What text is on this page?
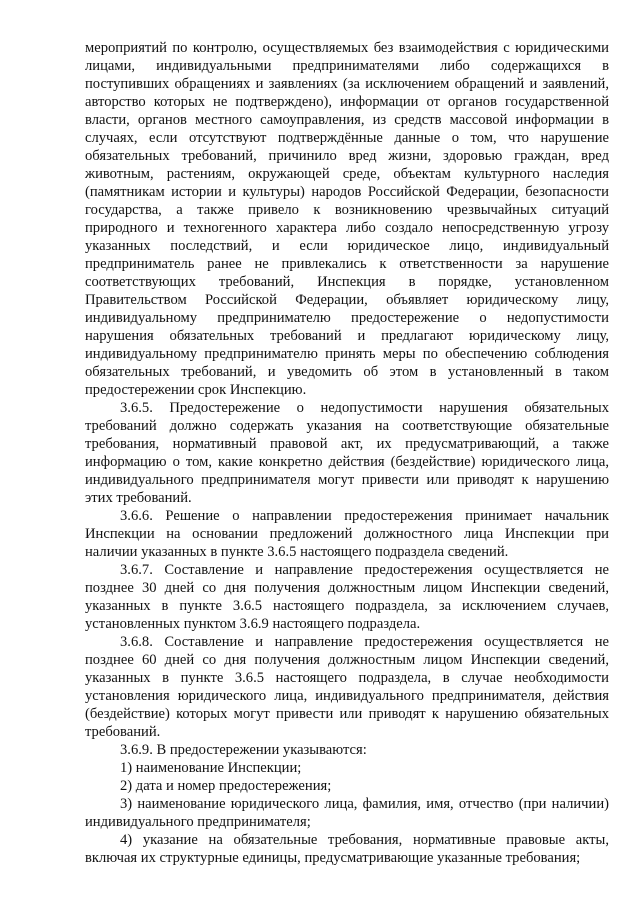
мероприятий по контролю, осуществляемых без взаимодействия с юридическими лицами, индивидуальными предпринимателями либо содержащихся в поступивших обращениях и заявлениях (за исключением обращений и заявлений, авторство которых не подтверждено), информации от органов государственной власти, органов местного самоуправления, из средств массовой информации в случаях, если отсутствуют подтверждённые данные о том, что нарушение обязательных требований, причинило вред жизни, здоровью граждан, вред животным, растениям, окружающей среде, объектам культурного наследия (памятникам истории и культуры) народов Российской Федерации, безопасности государства, а также привело к возникновению чрезвычайных ситуаций природного и техногенного характера либо создало непосредственную угрозу указанных последствий, и если юридическое лицо, индивидуальный предприниматель ранее не привлекались к ответственности за нарушение соответствующих требований, Инспекция в порядке, установленном Правительством Российской Федерации, объявляет юридическому лицу, индивидуальному предпринимателю предостережение о недопустимости нарушения обязательных требований и предлагают юридическому лицу, индивидуальному предпринимателю принять меры по обеспечению соблюдения обязательных требований, и уведомить об этом в установленный в таком предостережении срок Инспекцию.

3.6.5. Предостережение о недопустимости нарушения обязательных требований должно содержать указания на соответствующие обязательные требования, нормативный правовой акт, их предусматривающий, а также информацию о том, какие конкретно действия (бездействие) юридического лица, индивидуального предпринимателя могут привести или приводят к нарушению этих требований.

3.6.6. Решение о направлении предостережения принимает начальник Инспекции на основании предложений должностного лица Инспекции при наличии указанных в пункте 3.6.5 настоящего подраздела сведений.

3.6.7. Составление и направление предостережения осуществляется не позднее 30 дней со дня получения должностным лицом Инспекции сведений, указанных в пункте 3.6.5 настоящего подраздела, за исключением случаев, установленных пунктом 3.6.9 настоящего подраздела.

3.6.8. Составление и направление предостережения осуществляется не позднее 60 дней со дня получения должностным лицом Инспекции сведений, указанных в пункте 3.6.5 настоящего подраздела, в случае необходимости установления юридического лица, индивидуального предпринимателя, действия (бездействие) которых могут привести или приводят к нарушению обязательных требований.

3.6.9. В предостережении указываются:

1) наименование Инспекции;

2) дата и номер предостережения;

3) наименование юридического лица, фамилия, имя, отчество (при наличии) индивидуального предпринимателя;

4) указание на обязательные требования, нормативные правовые акты, включая их структурные единицы, предусматривающие указанные требования;
